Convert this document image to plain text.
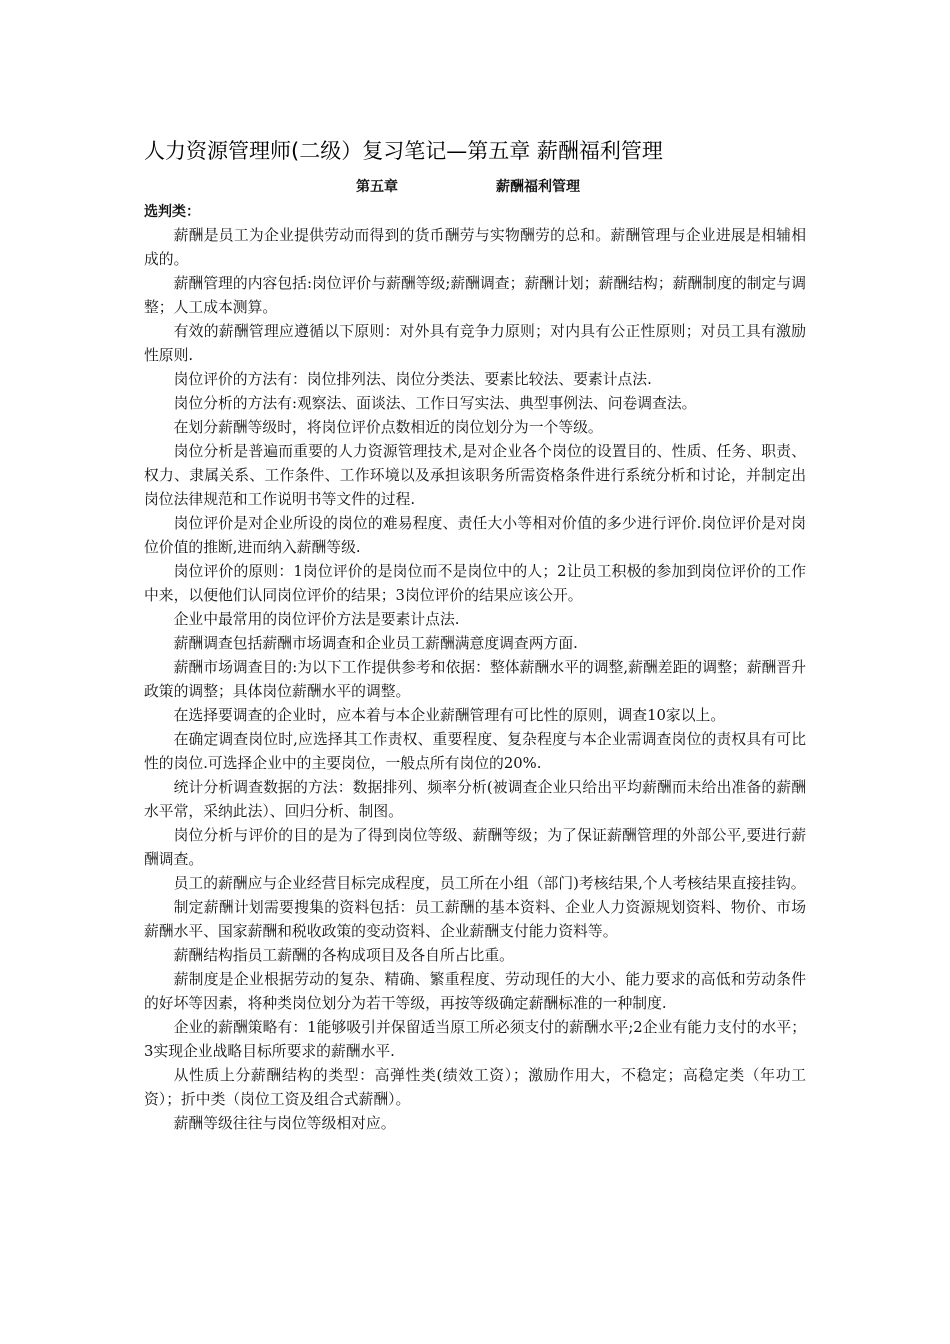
人力资源管理师(二级）复习笔记—第五章 薪酬福利管理
第五章	薪酬福利管理
选判类：

薪酬是员工为企业提供劳动而得到的货币酬劳与实物酬劳的总和。薪酬管理与企业进展是相辅相成的。

薪酬管理的内容包括:岗位评价与薪酬等级;薪酬调查；薪酬计划；薪酬结构；薪酬制度的制定与调整；人工成本测算。

有效的薪酬管理应遵循以下原则：对外具有竞争力原则；对内具有公正性原则；对员工具有激励性原则.

岗位评价的方法有：岗位排列法、岗位分类法、要素比较法、要素计点法.

岗位分析的方法有:观察法、面谈法、工作日写实法、典型事例法、问卷调查法。

在划分薪酬等级时，将岗位评价点数相近的岗位划分为一个等级。

岗位分析是普遍而重要的人力资源管理技术,是对企业各个岗位的设置目的、性质、任务、职责、权力、隶属关系、工作条件、工作环境以及承担该职务所需资格条件进行系统分析和讨论，并制定出岗位法律规范和工作说明书等文件的过程.

岗位评价是对企业所设的岗位的难易程度、责任大小等相对价值的多少进行评价.岗位评价是对岗位价值的推断,进而纳入薪酬等级.

岗位评价的原则：1岗位评价的是岗位而不是岗位中的人；2让员工积极的参加到岗位评价的工作中来，以便他们认同岗位评价的结果；3岗位评价的结果应该公开。

企业中最常用的岗位评价方法是要素计点法.

薪酬调查包括薪酬市场调查和企业员工薪酬满意度调查两方面.

薪酬市场调查目的:为以下工作提供参考和依据：整体薪酬水平的调整,薪酬差距的调整；薪酬晋升政策的调整；具体岗位薪酬水平的调整。

在选择要调查的企业时，应本着与本企业薪酬管理有可比性的原则，调查10家以上。

在确定调查岗位时,应选择其工作责权、重要程度、复杂程度与本企业需调查岗位的责权具有可比性的岗位.可选择企业中的主要岗位，一般点所有岗位的20%.

统计分析调查数据的方法：数据排列、频率分析(被调查企业只给出平均薪酬而未给出准备的薪酬水平常，采纳此法）、回归分析、制图。

岗位分析与评价的目的是为了得到岗位等级、薪酬等级；为了保证薪酬管理的外部公平,要进行薪酬调查。

员工的薪酬应与企业经营目标完成程度，员工所在小组（部门)考核结果,个人考核结果直接挂钩。

制定薪酬计划需要搜集的资料包括：员工薪酬的基本资料、企业人力资源规划资料、物价、市场薪酬水平、国家薪酬和税收政策的变动资料、企业薪酬支付能力资料等。

薪酬结构指员工薪酬的各构成项目及各自所占比重。

薪制度是企业根据劳动的复杂、精确、繁重程度、劳动现任的大小、能力要求的高低和劳动条件的好坏等因素，将种类岗位划分为若干等级，再按等级确定薪酬标准的一种制度.

企业的薪酬策略有：1能够吸引并保留适当原工所必须支付的薪酬水平;2企业有能力支付的水平；3实现企业战略目标所要求的薪酬水平.

从性质上分薪酬结构的类型：高弹性类(绩效工资）；激励作用大，不稳定；高稳定类（年功工资）；折中类（岗位工资及组合式薪酬）。

薪酬等级往往与岗位等级相对应。
